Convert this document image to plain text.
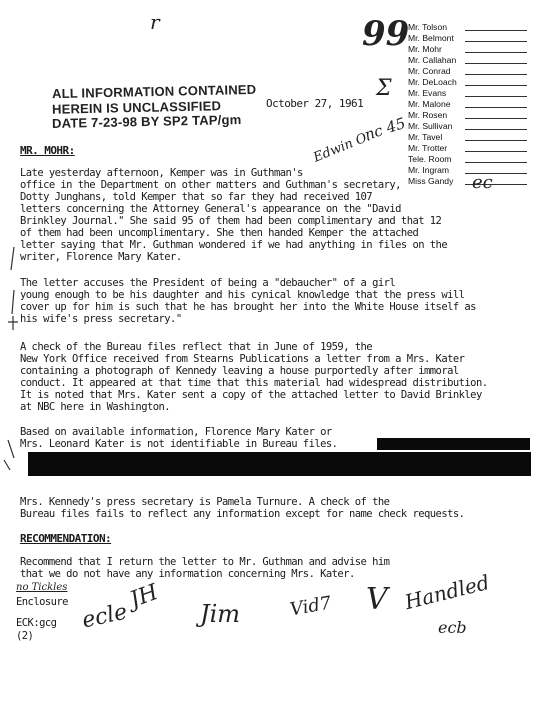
r	99
Mr. Tolson
Mr. Belmont
Mr. Mohr
Mr. Callahan
Mr. Conrad
Mr. DeLoach
Mr. Evans
Mr. Malone
Mr. Rosen
Mr. Sullivan
Mr. Tavel
Mr. Trotter
Tele. Room
Mr. Ingram
Miss Gandy
Σ
nc 45
Edwin O.
ec
ALL INFORMATION CONTAINED
HEREIN IS UNCLASSIFIED
DATE 7-23-98 BY SP2 TAP/gm
October 27, 1961
MR. MOHR:
Late yesterday afternoon, Kemper was in Guthman's
office in the Department on other matters and Guthman's secretary,
Dotty Junghans, told Kemper that so far they had received 107
letters concerning the Attorney General's appearance on the "David
Brinkley Journal." She said 95 of them had been complimentary and that 12
of them had been uncomplimentary. She then handed Kemper the attached
letter saying that Mr. Guthman wondered if we had anything in files on the
writer, Florence Mary Kater.
The letter accuses the President of being a "debaucher" of a girl
young enough to be his daughter and his cynical knowledge that the press will
cover up for him is such that he has brought her into the White House itself as
his wife's press secretary."
A check of the Bureau files reflect that in June of 1959, the
New York Office received from Stearns Publications a letter from a Mrs. Kater
containing a photograph of Kennedy leaving a house purportedly after immoral
conduct. It appeared at that time that this material had widespread distribution.
It is noted that Mrs. Kater sent a copy of the attached letter to David Brinkley
at NBC here in Washington.
Based on available information, Florence Mary Kater or
Mrs. Leonard Kater is not identifiable in Bureau files.
Mrs. Kennedy's press secretary is Pamela Turnure. A check of the
Bureau files fails to reflect any information except for name check requests.
RECOMMENDATION:
Recommend that I return the letter to Mr. Guthman and advise him
that we do not have any information concerning Mrs. Kater.
no Tickles
Enclosure
ECK:gcg
(2)
ecle
JH
Jim	Vid7 V Handled
ecb
